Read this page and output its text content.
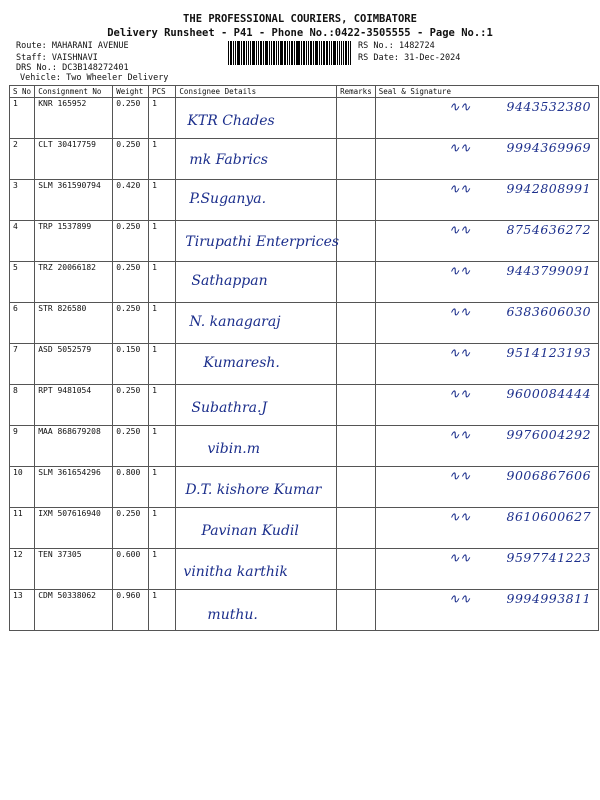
THE PROFESSIONAL COURIERS, COIMBATORE
Delivery Runsheet - P41 - Phone No.:0422-3505555 - Page No.:1
Route: MAHARANI AVENUE
Staff: VAISHNAVI
DRS No.: DC3B148272401
Vehicle: Two Wheeler Delivery
RS No.: 1482724
RS Date: 31-Dec-2024
S No	Consignment No	Weight	PCS	Consignee Details	Remarks	Seal & Signature
1	KNR 165952	0.250	1	KTR Chades		∿∿ 9443532380
2	CLT 30417759	0.250	1	mk Fabrics		∿∿ 9994369969
3	SLM 361590794	0.420	1	P.Suganya.		∿∿ 9942808991
4	TRP 1537899	0.250	1	Tirupathi Enterprices		∿∿ 8754636272
5	TRZ 20066182	0.250	1	Sathappan		∿∿ 9443799091
6	STR 826580	0.250	1	N. kanagaraj		∿∿ 6383606030
7	ASD 5052579	0.150	1	Kumaresh.		∿∿ 9514123193
8	RPT 9481054	0.250	1	Subathra.J		∿∿ 9600084444
9	MAA 868679208	0.250	1	vibin.m		∿∿ 9976004292
10	SLM 361654296	0.800	1	D.T. kishore Kumar		∿∿ 9006867606
11	IXM 507616940	0.250	1	Pavinan Kudil		∿∿ 8610600627
12	TEN 37305	0.600	1	vinitha karthik		∿∿ 9597741223
13	CDM 50338062	0.960	1	muthu.		∿∿ 9994993811
